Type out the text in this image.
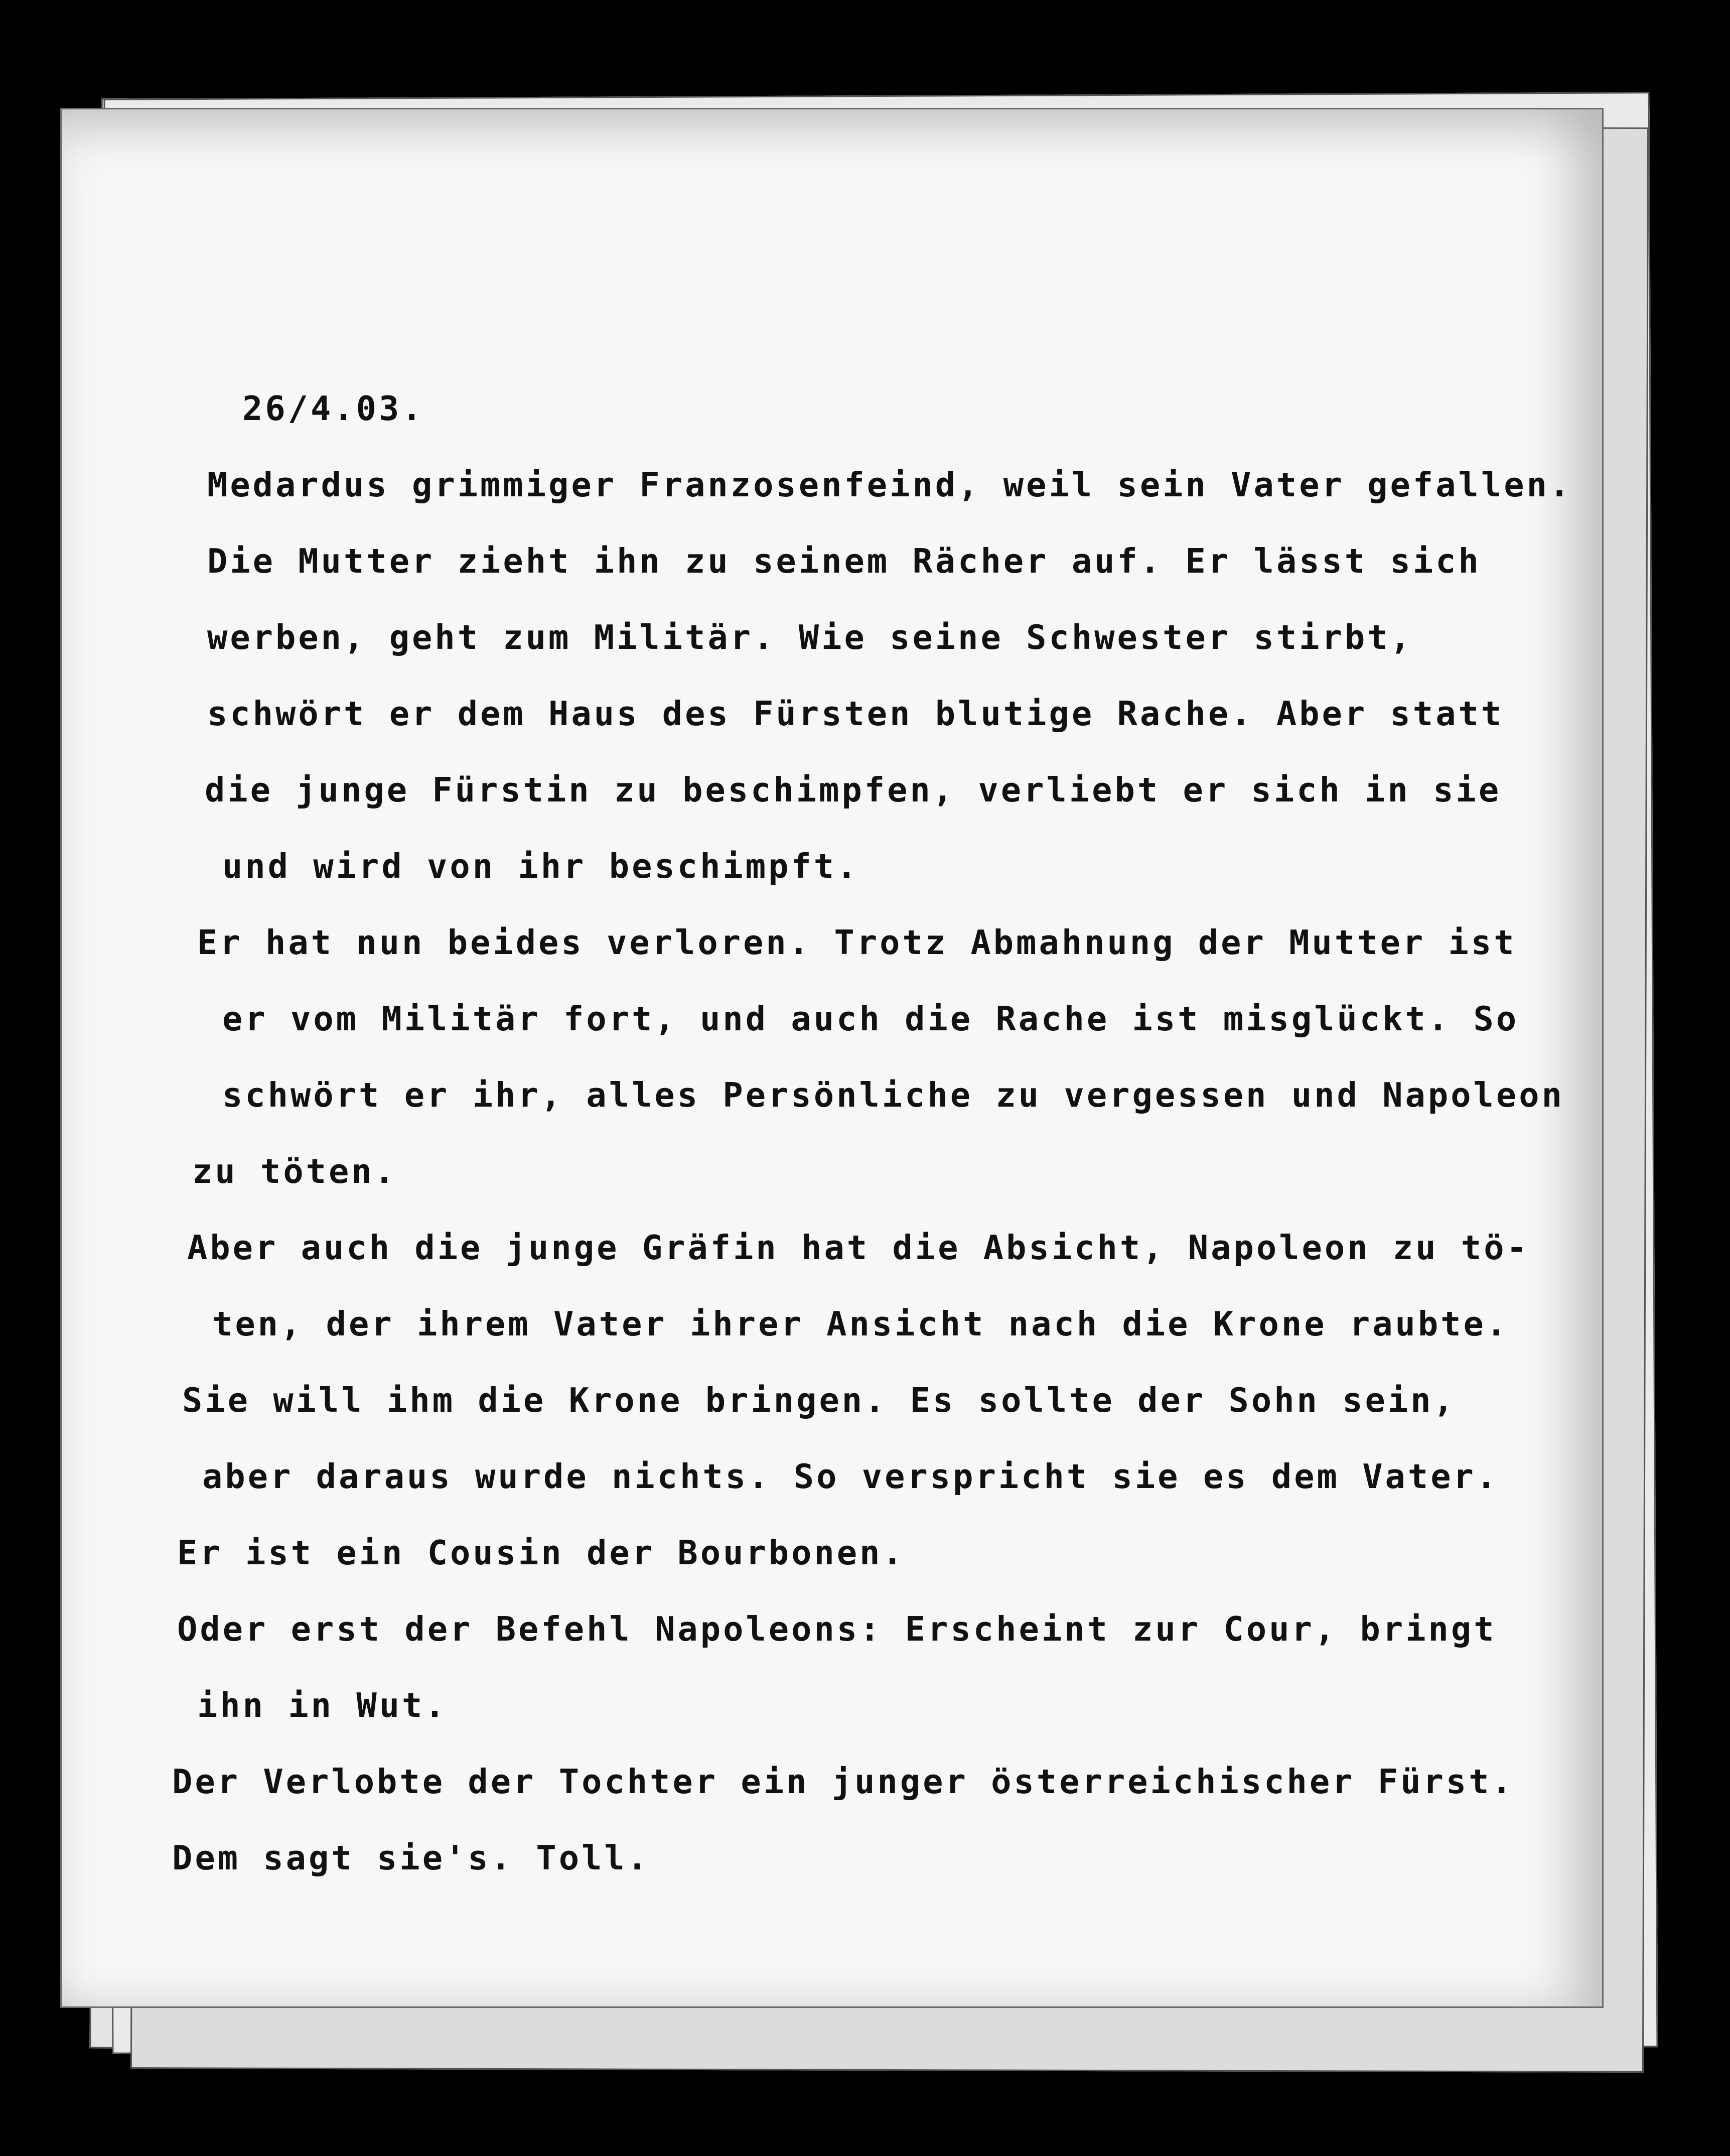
26/4.03.
Medardus grimmiger Franzosenfeind, weil sein Vater gefallen.
Die Mutter zieht ihn zu seinem Rächer auf. Er lässt sich
werben, geht zum Militär. Wie seine Schwester stirbt,
schwört er dem Haus des Fürsten blutige Rache. Aber statt
die junge Fürstin zu beschimpfen, verliebt er sich in sie
und wird von ihr beschimpft.
Er hat nun beides verloren. Trotz Abmahnung der Mutter ist
er vom Militär fort, und auch die Rache ist misglückt. So
schwört er ihr, alles Persönliche zu vergessen und Napoleon
zu töten.
Aber auch die junge Gräfin hat die Absicht, Napoleon zu tö-
ten, der ihrem Vater ihrer Ansicht nach die Krone raubte.
Sie will ihm die Krone bringen. Es sollte der Sohn sein,
aber daraus wurde nichts. So verspricht sie es dem Vater.
Er ist ein Cousin der Bourbonen.
Oder erst der Befehl Napoleons: Erscheint zur Cour, bringt
ihn in Wut.
Der Verlobte der Tochter ein junger österreichischer Fürst.
Dem sagt sie's. Toll.
